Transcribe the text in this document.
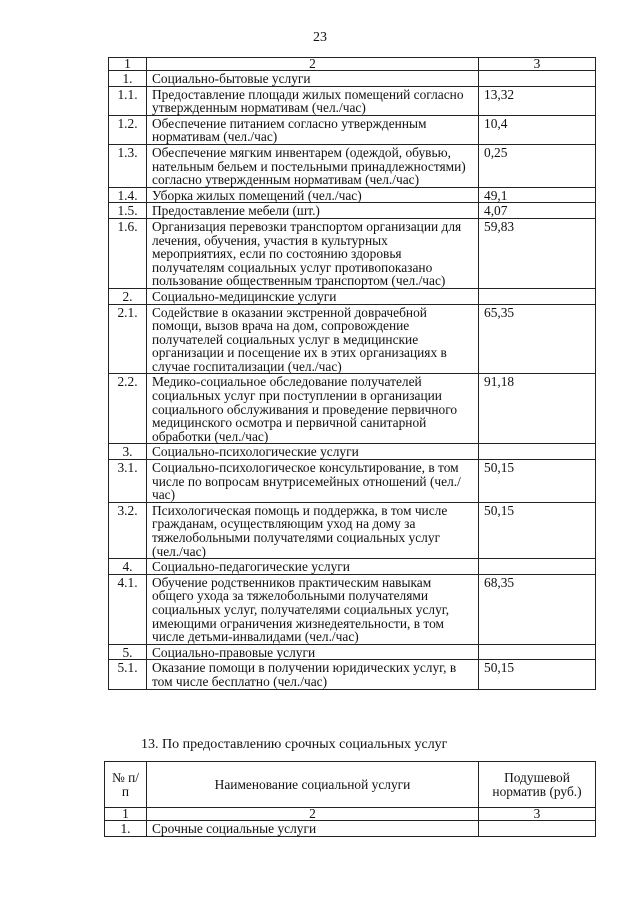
23
1	2	3
1.	Социально-бытовые услуги	
1.1.	Предоставление площади жилых помещений согласно утвержденным нормативам (чел./час)	13,32
1.2.	Обеспечение питанием согласно утвержденным нормативам (чел./час)	10,4
1.3.	Обеспечение мягким инвентарем (одеждой, обувью, нательным бельем и постельными принадлежностями) согласно утвержденным нормативам (чел./час)	0,25
1.4.	Уборка жилых помещений (чел./час)	49,1
1.5.	Предоставление мебели (шт.)	4,07
1.6.	Организация перевозки транспортом организации для лечения, обучения, участия в культурных мероприятиях, если по состоянию здоровья получателям социальных услуг противопоказано пользование общественным транспортом (чел./час)	59,83
2.	Социально-медицинские услуги	
2.1.	Содействие в оказании экстренной доврачебной помощи, вызов врача на дом, сопровождение получателей социальных услуг в медицинские организации и посещение их в этих организациях в случае госпитализации (чел./час)	65,35
2.2.	Медико-социальное обследование получателей социальных услуг при поступлении в организации социального обслуживания и проведение первичного медицинского осмотра и первичной санитарной обработки (чел./час)	91,18
3.	Социально-психологические услуги	
3.1.	Социально-психологическое консультирование, в том числе по вопросам внутрисемейных отношений (чел./час)	50,15
3.2.	Психологическая помощь и поддержка, в том числе гражданам, осуществляющим уход на дому за тяжелобольными получателями социальных услуг (чел./час)	50,15
4.	Социально-педагогические услуги	
4.1.	Обучение родственников практическим навыкам общего ухода за тяжелобольными получателями социальных услуг, получателями социальных услуг, имеющими ограничения жизнедеятельности, в том числе детьми-инвалидами (чел./час)	68,35
5.	Социально-правовые услуги	
5.1.	Оказание помощи в получении юридических услуг, в том числе бесплатно (чел./час)	50,15
13. По предоставлению срочных социальных услуг
№ п/п	Наименование социальной услуги	Подушевой норматив (руб.)
1	2	3
1.	Срочные социальные услуги	
